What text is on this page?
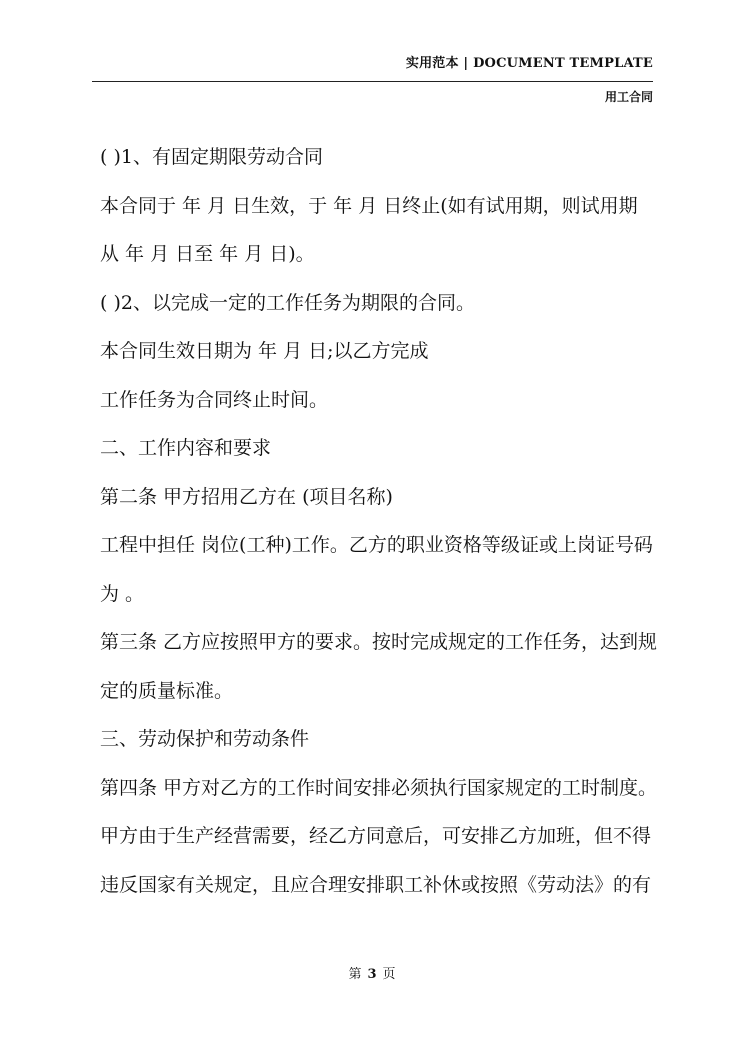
实用范本 | DOCUMENT TEMPLATE
用工合同
( )1、有固定期限劳动合同
本合同于 年 月 日生效，于 年 月 日终止(如有试用期，则试用期
从 年 月 日至 年 月 日)。
( )2、以完成一定的工作任务为期限的合同。
本合同生效日期为 年 月 日;以乙方完成
工作任务为合同终止时间。
二、工作内容和要求
第二条 甲方招用乙方在 (项目名称)
工程中担任 岗位(工种)工作。乙方的职业资格等级证或上岗证号码
为 。
第三条 乙方应按照甲方的要求。按时完成规定的工作任务，达到规
定的质量标准。
三、劳动保护和劳动条件
第四条 甲方对乙方的工作时间安排必须执行国家规定的工时制度。
甲方由于生产经营需要，经乙方同意后，可安排乙方加班，但不得
违反国家有关规定，且应合理安排职工补休或按照《劳动法》的有
第 3 页
